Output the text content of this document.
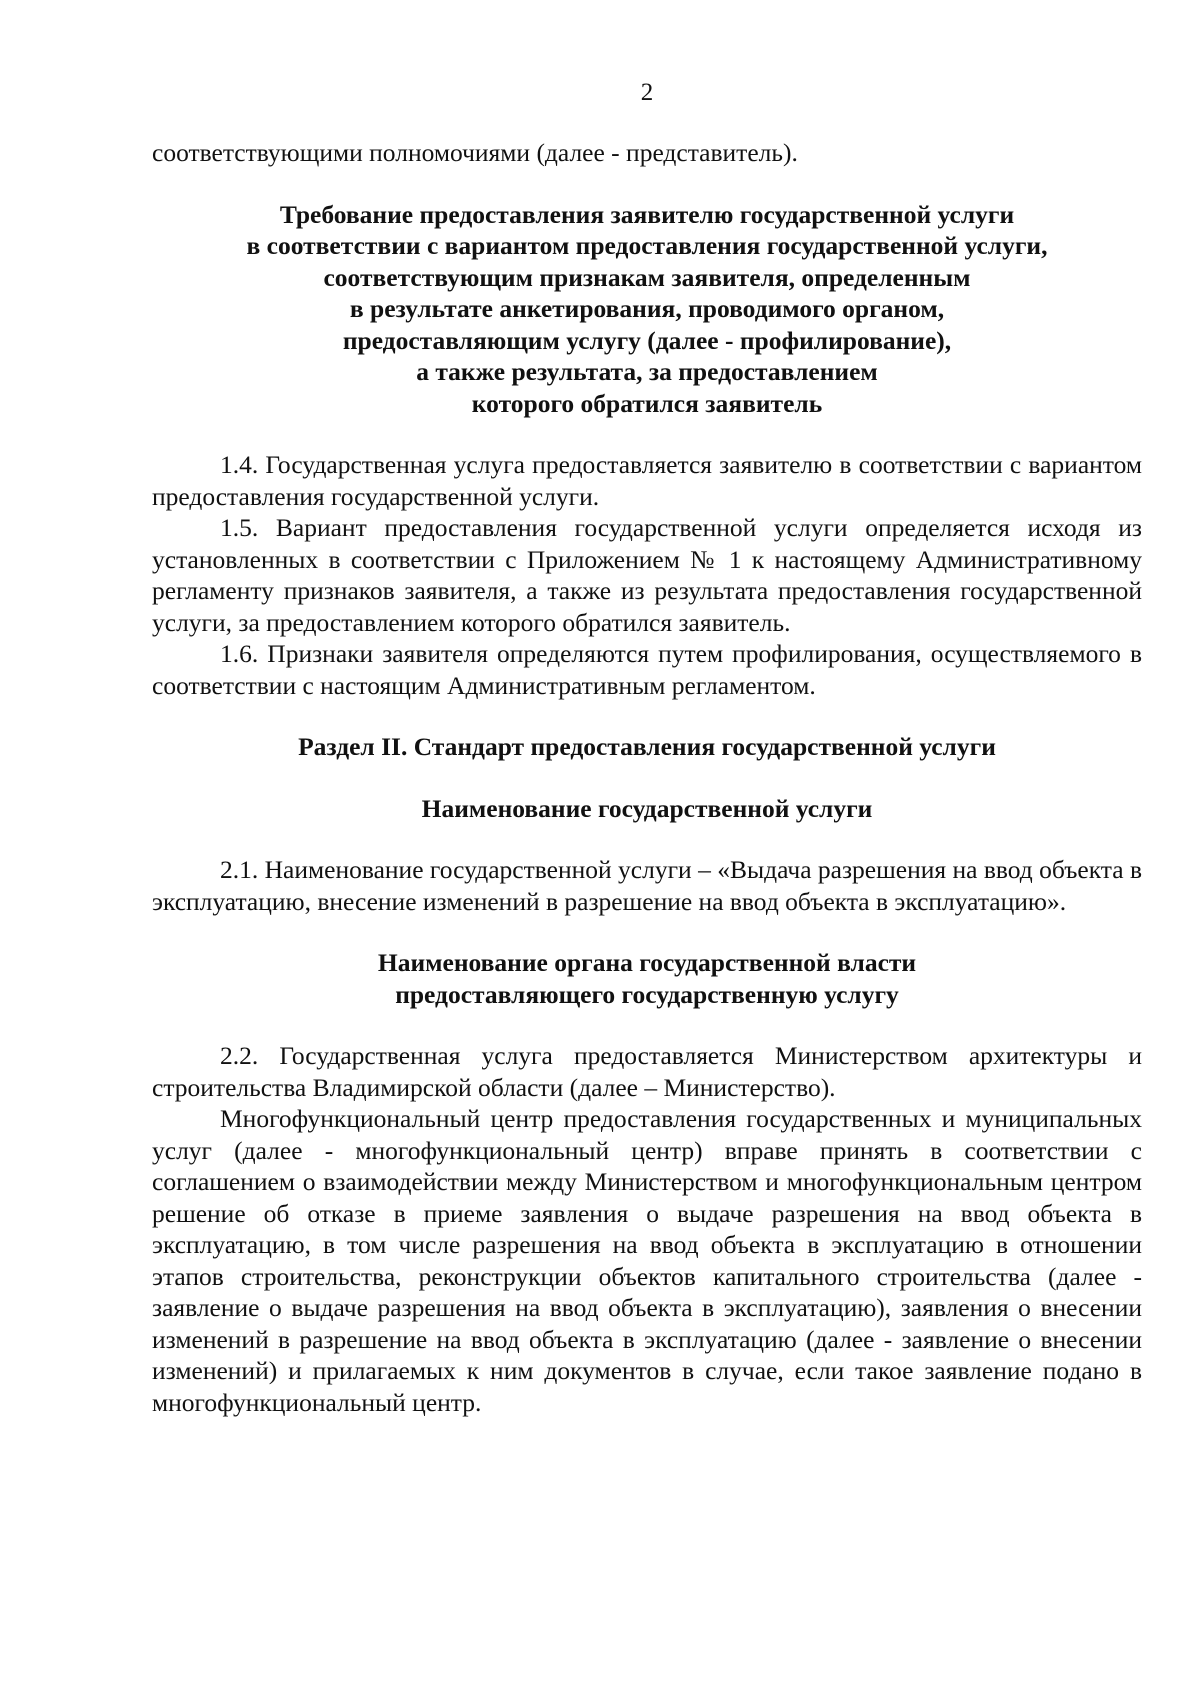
2

соответствующими полномочиями (далее - представитель).

Требование предоставления заявителю государственной услуги
в соответствии с вариантом предоставления государственной услуги,
соответствующим признакам заявителя, определенным
в результате анкетирования, проводимого органом,
предоставляющим услугу (далее - профилирование),
а также результата, за предоставлением
которого обратился заявитель

1.4. Государственная услуга предоставляется заявителю в соответствии с вариантом предоставления государственной услуги.

1.5. Вариант предоставления государственной услуги определяется исходя из установленных в соответствии с Приложением № 1 к настоящему Административному регламенту признаков заявителя, а также из результата предоставления государственной услуги, за предоставлением которого обратился заявитель.

1.6. Признаки заявителя определяются путем профилирования, осуществляемого в соответствии с настоящим Административным регламентом.

Раздел II. Стандарт предоставления государственной услуги

Наименование государственной услуги

2.1. Наименование государственной услуги – «Выдача разрешения на ввод объекта в эксплуатацию, внесение изменений в разрешение на ввод объекта в эксплуатацию».

Наименование органа государственной власти
предоставляющего государственную услугу

2.2. Государственная услуга предоставляется Министерством архитектуры и строительства Владимирской области (далее – Министерство).

Многофункциональный центр предоставления государственных и муниципальных услуг (далее - многофункциональный центр) вправе принять в соответствии с соглашением о взаимодействии между Министерством и многофункциональным центром решение об отказе в приеме заявления о выдаче разрешения на ввод объекта в эксплуатацию, в том числе разрешения на ввод объекта в эксплуатацию в отношении этапов строительства, реконструкции объектов капитального строительства (далее - заявление о выдаче разрешения на ввод объекта в эксплуатацию), заявления о внесении изменений в разрешение на ввод объекта в эксплуатацию (далее - заявление о внесении изменений) и прилагаемых к ним документов в случае, если такое заявление подано в многофункциональный центр.
